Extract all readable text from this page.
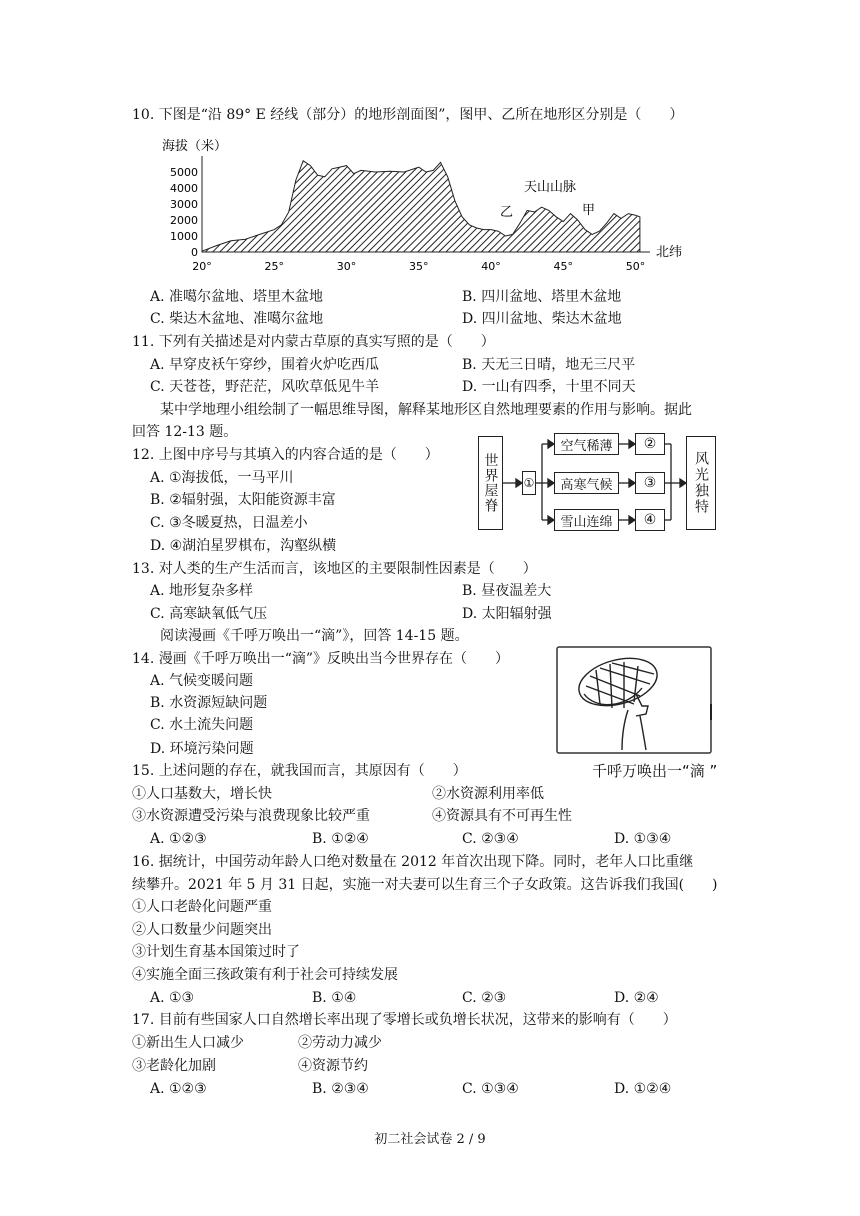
10. 下图是“沿 89° E 经线（部分）的地形剖面图”，图甲、乙所在地形区分别是（　　）
海拔（米）
5000
4000
3000
2000
1000
0
20°	25°	30°	35°	40°	45°	50°
天山山脉
乙	甲
北纬
A. 准噶尔盆地、塔里木盆地	B. 四川盆地、塔里木盆地
C. 柴达木盆地、准噶尔盆地	D. 四川盆地、柴达木盆地
11. 下列有关描述是对内蒙古草原的真实写照的是（　　）
A. 早穿皮袄午穿纱，围着火炉吃西瓜	B. 天无三日晴，地无三尺平
C. 天苍苍，野茫茫，风吹草低见牛羊	D. 一山有四季，十里不同天
某中学地理小组绘制了一幅思维导图，解释某地形区自然地理要素的作用与影响。据此
回答 12-13 题。
12. 上图中序号与其填入的内容合适的是（　　）
A. ①海拔低，一马平川
B. ②辐射强，太阳能资源丰富
C. ③冬暖夏热，日温差小
D. ④湖泊星罗棋布，沟壑纵横
世界屋脊	①
空气稀薄
高寒气候
雪山连绵
②
③
④
风光独特
13. 对人类的生产生活而言，该地区的主要限制性因素是（　　）
A. 地形复杂多样	B. 昼夜温差大
C. 高寒缺氧低气压	D. 太阳辐射强
阅读漫画《千呼万唤出一“滴”》，回答 14-15 题。
14. 漫画《千呼万唤出一“滴”》反映出当今世界存在（　　）
A. 气候变暖问题
B. 水资源短缺问题
C. 水土流失问题
D. 环境污染问题
千呼万唤出一“滴 ”
15. 上述问题的存在，就我国而言，其原因有（　　）
①人口基数大，增长快	②水资源利用率低
③水资源遭受污染与浪费现象比较严重	④资源具有不可再生性
A. ①②③	B. ①②④	C. ②③④	D. ①③④
16. 据统计，中国劳动年龄人口绝对数量在 2012 年首次出现下降。同时，老年人口比重继
续攀升。2021 年 5 月 31 日起，实施一对夫妻可以生育三个子女政策。这告诉我们我国(　　)
①人口老龄化问题严重
②人口数量少问题突出
③计划生育基本国策过时了
④实施全面三孩政策有利于社会可持续发展
A. ①③	B. ①④	C. ②③	D. ②④
17. 目前有些国家人口自然增长率出现了零增长或负增长状况，这带来的影响有（　　）
①新出生人口减少	②劳动力减少
③老龄化加剧	④资源节约
A. ①②③	B. ②③④	C. ①③④	D. ①②④
初二社会试卷 2 / 9
